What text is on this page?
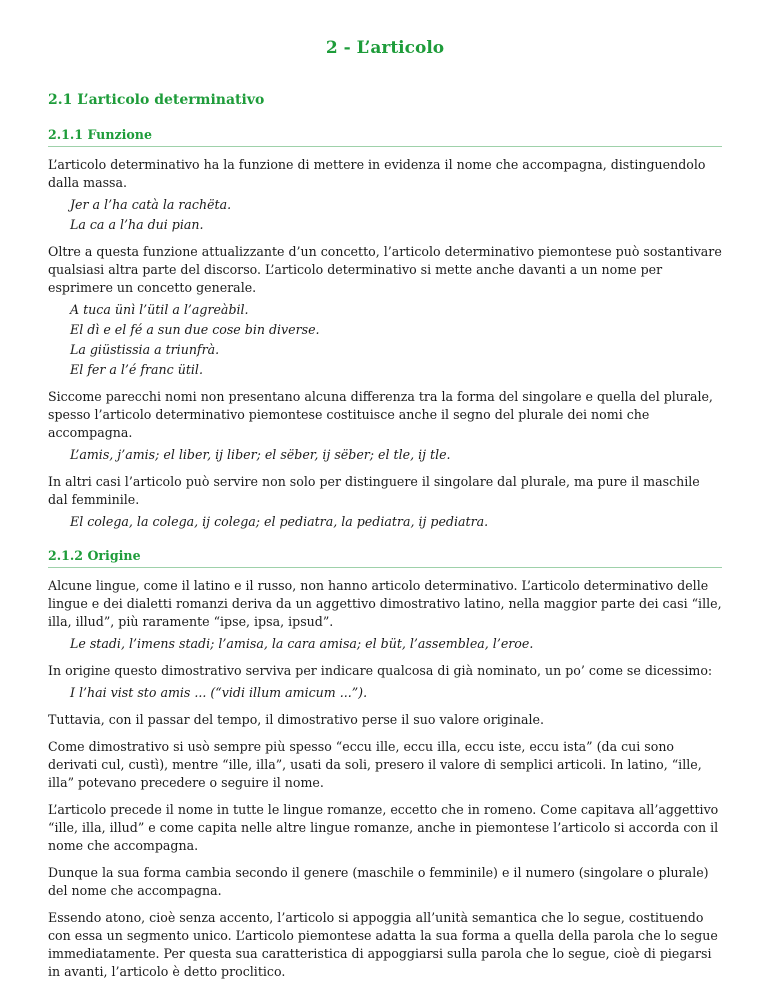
2 - L’articolo
2.1 L’articolo determinativo
2.1.1 Funzione

L’articolo determinativo ha la funzione di mettere in evidenza il nome che accompagna, distinguendolo dalla massa.

Jer a l’ha catà la rachëta.

La ca a l’ha dui pian.

Oltre a questa funzione attualizzante d’un concetto, l’articolo determinativo piemontese può sostantivare qualsiasi altra parte del discorso. L’articolo determinativo si mette anche davanti a un nome per esprimere un concetto generale.

A tuca ünì l’ütil a l’agreàbil.

El dì e el fé a sun due cose bin diverse.

La giüstissia a triunfrà.

El fer a l’é franc ütil.

Siccome parecchi nomi non presentano alcuna differenza tra la forma del singolare e quella del plurale, spesso l’articolo determinativo piemontese costituisce anche il segno del plurale dei nomi che accompagna.

L’amis, j’amis; el liber, ij liber; el sëber, ij sëber; el tle, ij tle.

In altri casi l’articolo può servire non solo per distinguere il singolare dal plurale, ma pure il maschile dal femminile.

El colega, la colega, ij colega; el pediatra, la pediatra, ij pediatra.

2.1.2 Origine

Alcune lingue, come il latino e il russo, non hanno articolo determinativo. L’articolo determinativo delle lingue e dei dialetti romanzi deriva da un aggettivo dimostrativo latino, nella maggior parte dei casi “ille, illa, illud”, più raramente “ipse, ipsa, ipsud”.

Le stadi, l’imens stadi; l’amisa, la cara amisa; el büt, l’assemblea, l’eroe.

In origine questo dimostrativo serviva per indicare qualcosa di già nominato, un po’ come se dicessimo:

I l’hai vist sto amis ... (“vidi illum amicum ...”).

Tuttavia, con il passar del tempo, il dimostrativo perse il suo valore originale.

Come dimostrativo si usò sempre più spesso “eccu ille, eccu illa, eccu iste, eccu ista” (da cui sono derivati cul, custì), mentre “ille, illa”, usati da soli, presero il valore di semplici articoli. In latino, “ille, illa” potevano precedere o seguire il nome.

L’articolo precede il nome in tutte le lingue romanze, eccetto che in romeno. Come capitava all’aggettivo “ille, illa, illud” e come capita nelle altre lingue romanze, anche in piemontese l’articolo si accorda con il nome che accompagna.

Dunque la sua forma cambia secondo il genere (maschile o femminile) e il numero (singolare o plurale) del nome che accompagna.

Essendo atono, cioè senza accento, l’articolo si appoggia all’unità semantica che lo segue, costituendo con essa un segmento unico. L’articolo piemontese adatta la sua forma a quella della parola che lo segue immediatamente. Per questa sua caratteristica di appoggiarsi sulla parola che lo segue, cioè di piegarsi in avanti, l’articolo è detto proclitico.
